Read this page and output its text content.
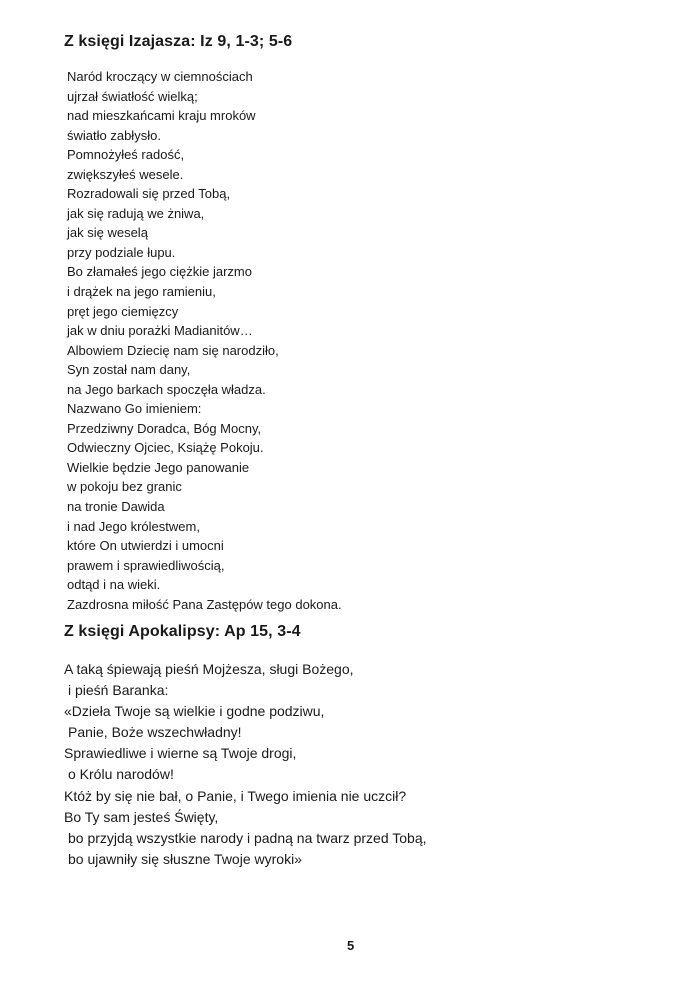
Z księgi Izajasza: Iz 9, 1-3; 5-6
Naród kroczący w ciemnościach
ujrzał światłość wielką;
nad mieszkańcami kraju mroków
światło zabłysło.
Pomnożyłeś radość,
zwiększyłeś wesele.
Rozradowali się przed Tobą,
jak się radują we żniwa,
jak się weselą
przy podziale łupu.
Bo złamałeś jego ciężkie jarzmo
i drążek na jego ramieniu,
pręt jego ciemięzcy
jak w dniu porażki Madianitów…
Albowiem Dziecię nam się narodziło,
Syn został nam dany,
na Jego barkach spoczęła władza.
Nazwano Go imieniem:
Przedziwny Doradca, Bóg Mocny,
Odwieczny Ojciec, Książę Pokoju.
Wielkie będzie Jego panowanie
w pokoju bez granic
na tronie Dawida
i nad Jego królestwem,
które On utwierdzi i umocni
prawem i sprawiedliwością,
odtąd i na wieki.
Zazdrosna miłość Pana Zastępów tego dokona.
Z księgi Apokalipsy: Ap 15, 3-4
A taką śpiewają pieśń Mojżesza, sługi Bożego,
i pieśń Baranka:
«Dzieła Twoje są wielkie i godne podziwu,
Panie, Boże wszechwładny!
Sprawiedliwe i wierne są Twoje drogi,
o Królu narodów!
Któż by się nie bał, o Panie, i Twego imienia nie uczcił?
Bo Ty sam jesteś Święty,
bo przyjdą wszystkie narody i padną na twarz przed Tobą,
bo ujawniły się słuszne Twoje wyroki»
5
